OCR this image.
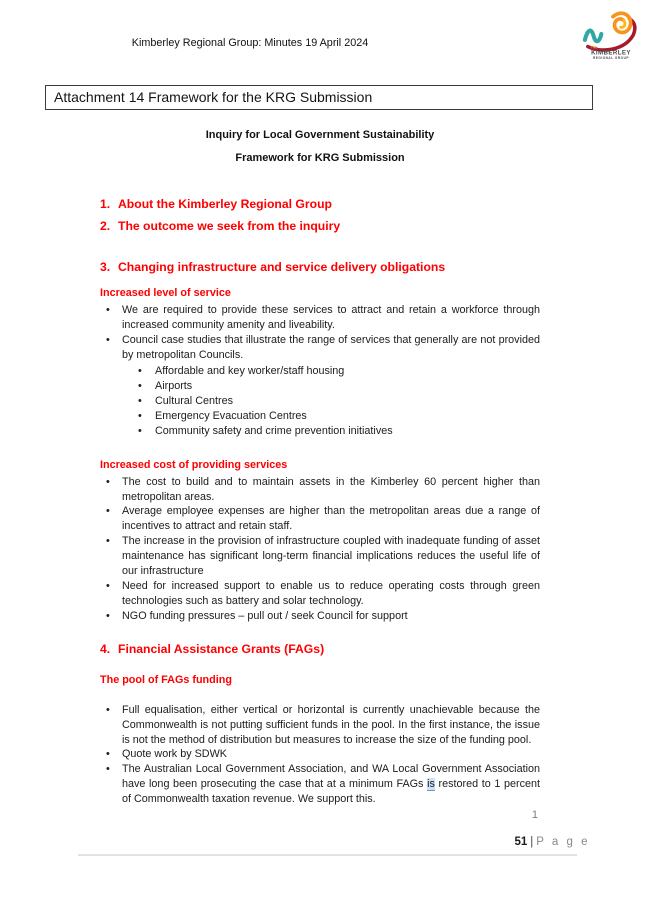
Kimberley Regional Group: Minutes 19 April 2024	THE
KIMBERLEY
REGIONAL GROUP
Attachment 14 Framework for the KRG Submission
Inquiry for Local Government Sustainability
Framework for KRG Submission
1. About the Kimberley Regional Group
2. The outcome we seek from the inquiry
3. Changing infrastructure and service delivery obligations
Increased level of service
• We are required to provide these services to attract and retain a workforce through increased community amenity and liveability.
• Council case studies that illustrate the range of services that generally are not provided by metropolitan Councils.
• Affordable and key worker/staff housing
• Airports
• Cultural Centres
• Emergency Evacuation Centres
• Community safety and crime prevention initiatives
Increased cost of providing services
• The cost to build and to maintain assets in the Kimberley 60 percent higher than metropolitan areas.
• Average employee expenses are higher than the metropolitan areas due a range of incentives to attract and retain staff.
• The increase in the provision of infrastructure coupled with inadequate funding of asset maintenance has significant long-term financial implications reduces the useful life of our infrastructure
• Need for increased support to enable us to reduce operating costs through green technologies such as battery and solar technology.
• NGO funding pressures – pull out / seek Council for support
4. Financial Assistance Grants (FAGs)
The pool of FAGs funding
• Full equalisation, either vertical or horizontal is currently unachievable because the Commonwealth is not putting sufficient funds in the pool. In the first instance, the issue is not the method of distribution but measures to increase the size of the funding pool.
• Quote work by SDWK
• The Australian Local Government Association, and WA Local Government Association have long been prosecuting the case that at a minimum FAGs is restored to 1 percent of Commonwealth taxation revenue. We support this.
1
51 | P a g e
